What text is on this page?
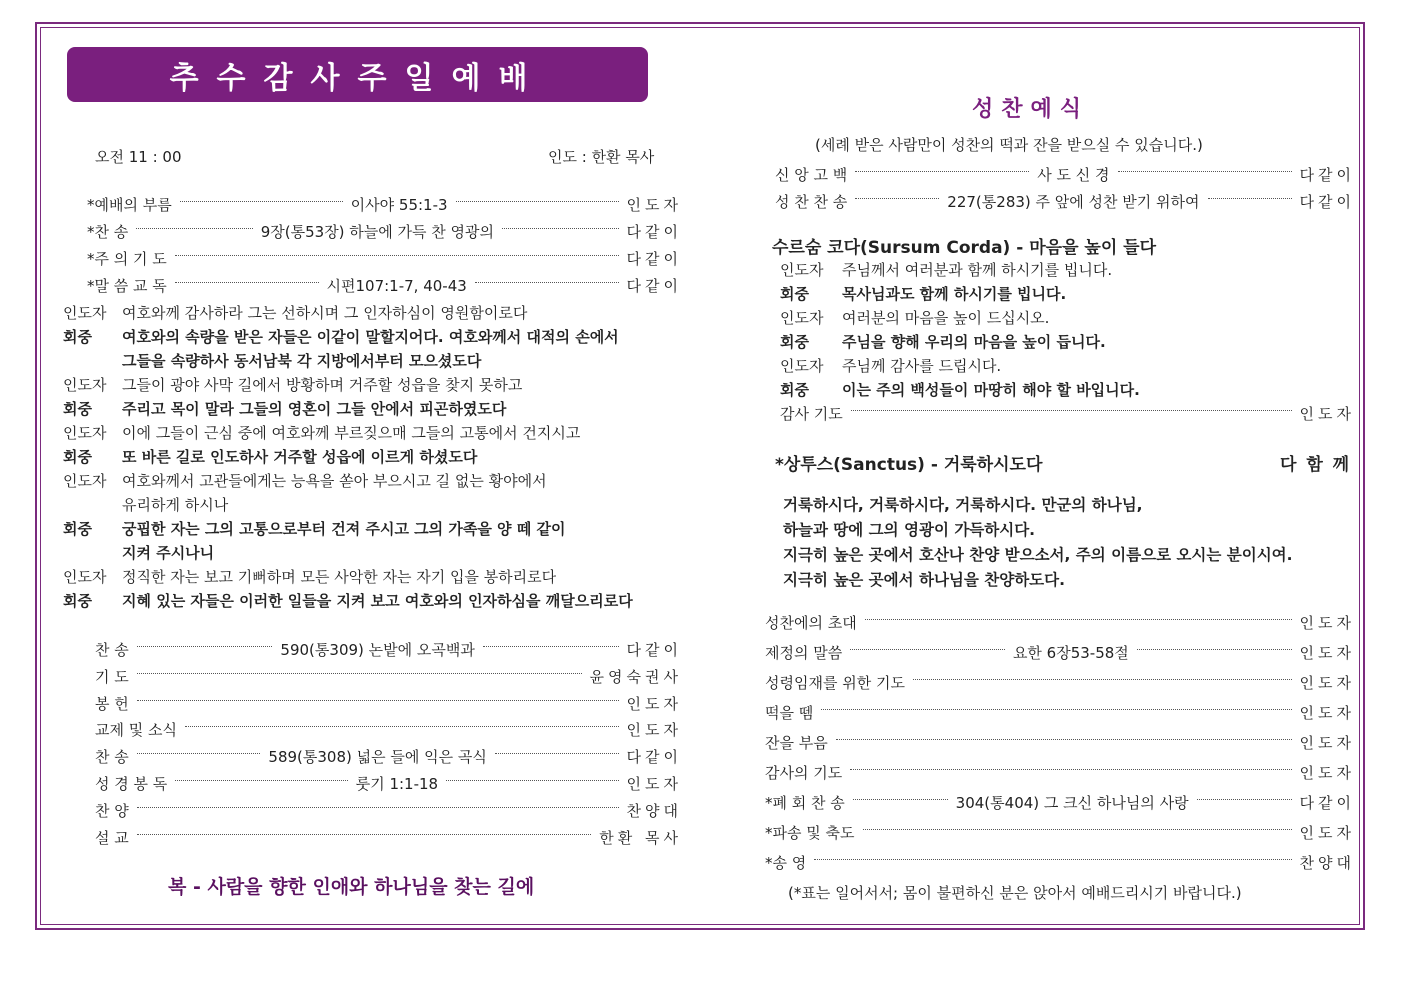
추수감사주일예배
오전 11 : 00	인도 : 한환 목사
*예배의 부름	이사야 55:1-3	인도자
*찬 송	9장(통53장) 하늘에 가득 찬 영광의	다같이
*주 의 기 도	다같이
*말 씀 교 독	시편107:1-7, 40-43	다같이
인도자 여호와께 감사하라 그는 선하시며 그 인자하심이 영원함이로다
회중 여호와의 속량을 받은 자들은 이같이 말할지어다. 여호와께서 대적의 손에서
그들을 속량하사 동서남북 각 지방에서부터 모으셨도다
인도자 그들이 광야 사막 길에서 방황하며 거주할 성읍을 찾지 못하고
회중 주리고 목이 말라 그들의 영혼이 그들 안에서 피곤하였도다
인도자 이에 그들이 근심 중에 여호와께 부르짖으매 그들의 고통에서 건지시고
회중 또 바른 길로 인도하사 거주할 성읍에 이르게 하셨도다
인도자 여호와께서 고관들에게는 능욕을 쏟아 부으시고 길 없는 황야에서
유리하게 하시나
회중 궁핍한 자는 그의 고통으로부터 건져 주시고 그의 가족을 양 떼 같이
지켜 주시나니
인도자 정직한 자는 보고 기뻐하며 모든 사악한 자는 자기 입을 봉하리로다
회중 지혜 있는 자들은 이러한 일들을 지켜 보고 여호와의 인자하심을 깨달으리로다
찬 송	590(통309) 논밭에 오곡백과	다같이
기 도	윤영숙권사
봉 헌	인도자
교제 및 소식	인도자
찬 송	589(통308) 넓은 들에 익은 곡식	다같이
성 경 봉 독	룻기 1:1-18	인도자
찬 양	찬양대
설 교	한환 목사
복 - 사람을 향한 인애와 하나님을 찾는 길에
성찬예식
(세례 받은 사람만이 성찬의 떡과 잔을 받으실 수 있습니다.)
신 앙 고 백	사 도 신 경	다같이
성 찬 찬 송	227(통283) 주 앞에 성찬 받기 위하여	다같이
수르숨 코다(Sursum Corda) - 마음을 높이 들다
인도자 주님께서 여러분과 함께 하시기를 빕니다.
회중 목사님과도 함께 하시기를 빕니다.
인도자 여러분의 마음을 높이 드십시오.
회중 주님을 향해 우리의 마음을 높이 듭니다.
인도자 주님께 감사를 드립시다.
회중 이는 주의 백성들이 마땅히 해야 할 바입니다.
감사 기도	인도자
*상투스(Sanctus) - 거룩하시도다	다 함 께
거룩하시다, 거룩하시다, 거룩하시다. 만군의 하나님,
하늘과 땅에 그의 영광이 가득하시다.
지극히 높은 곳에서 호산나 찬양 받으소서, 주의 이름으로 오시는 분이시여.
지극히 높은 곳에서 하나님을 찬양하도다.
성찬에의 초대	인도자
제정의 말씀	요한 6장53-58절	인도자
성령임재를 위한 기도	인도자
떡을 뗌	인도자
잔을 부음	인도자
감사의 기도	인도자
*폐 회 찬 송	304(통404) 그 크신 하나님의 사랑	다같이
*파송 및 축도	인도자
*송 영	찬양대
(*표는 일어서서; 몸이 불편하신 분은 앉아서 예배드리시기 바랍니다.)
